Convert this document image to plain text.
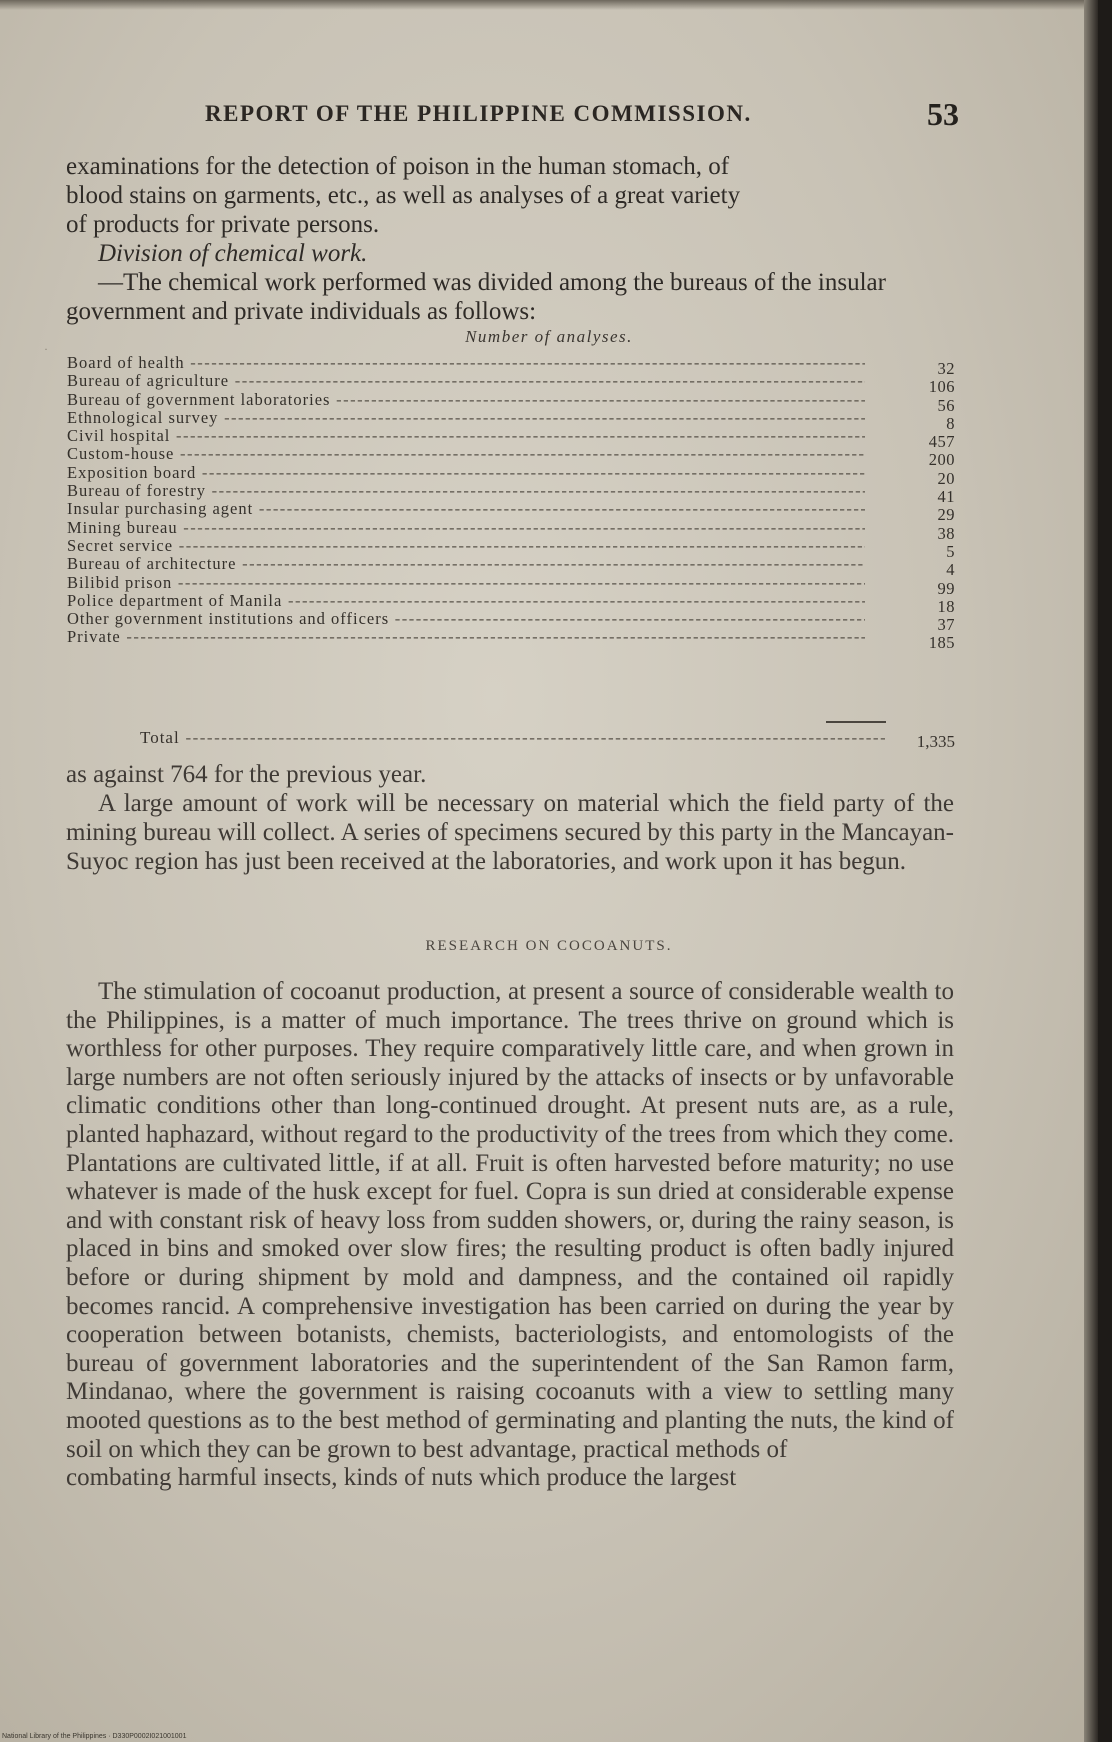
REPORT OF THE PHILIPPINE COMMISSION.	53
examinations for the detection of poison in the human stomach, of
blood stains on garments, etc., as well as analyses of a great variety
of products for private persons.
Division of chemical work.
—The chemical work performed was divided among the bureaus of the insular government and private individuals as follows:
·
Number of analyses.
Board of health -----	32
Bureau of agriculture -----	106
Bureau of government laboratories -----	56
Ethnological survey -----	8
Civil hospital -----	457
Custom-house -----	200
Exposition board -----	20
Bureau of forestry -----	41
Insular purchasing agent -----	29
Mining bureau -----	38
Secret service -----	5
Bureau of architecture -----	4
Bilibid prison -----	99
Police department of Manila -----	18
Other government institutions and officers -----	37
Private -----	185
Total -----	1,335
as against 764 for the previous year.
A large amount of work will be necessary on material which the field party of the mining bureau will collect. A series of specimens secured by this party in the Mancayan-Suyoc region has just been received at the laboratories, and work upon it has begun.
RESEARCH ON COCOANUTS.
The stimulation of cocoanut production, at present a source of considerable wealth to the Philippines, is a matter of much importance. The trees thrive on ground which is worthless for other purposes. They require comparatively little care, and when grown in large numbers are not often seriously injured by the attacks of insects or by unfavorable climatic conditions other than long-continued drought. At present nuts are, as a rule, planted haphazard, without regard to the productivity of the trees from which they come. Plantations are cultivated little, if at all. Fruit is often harvested before maturity; no use whatever is made of the husk except for fuel. Copra is sun dried at considerable expense and with constant risk of heavy loss from sudden showers, or, during the rainy season, is placed in bins and smoked over slow fires; the resulting product is often badly injured before or during shipment by mold and dampness, and the contained oil rapidly becomes rancid. A comprehensive investigation has been carried on during the year by cooperation between botanists, chemists, bacteriologists, and entomologists of the bureau of government laboratories and the superintendent of the San Ramon farm, Mindanao, where the government is raising cocoanuts with a view to settling many mooted questions as to the best method of germinating and planting the nuts, the kind of soil on which they can be grown to best advantage, practical methods of
combating harmful insects, kinds of nuts which produce the largest
National Library of the Philippines · D330P0002I021001001
